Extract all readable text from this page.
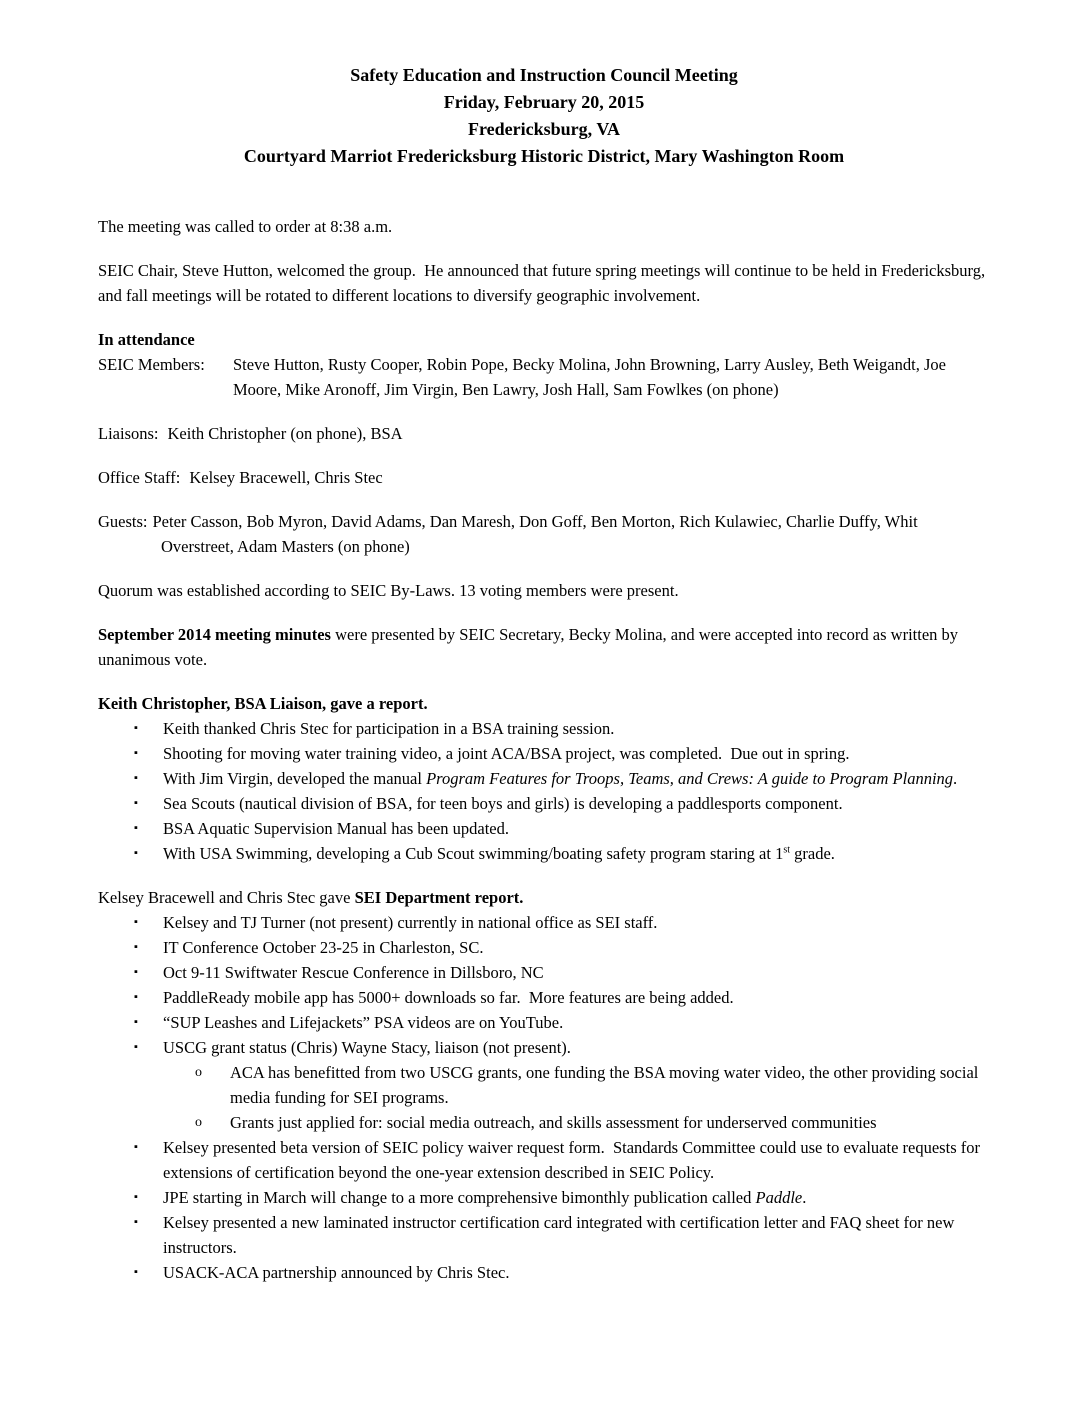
Safety Education and Instruction Council Meeting
Friday, February 20, 2015
Fredericksburg, VA
Courtyard Marriot Fredericksburg Historic District, Mary Washington Room

The meeting was called to order at 8:38 a.m.

SEIC Chair, Steve Hutton, welcomed the group.  He announced that future spring meetings will continue to be held in Fredericksburg, and fall meetings will be rotated to different locations to diversify geographic involvement.

In attendance
SEIC Members:	Steve Hutton, Rusty Cooper, Robin Pope, Becky Molina, John Browning, Larry Ausley, Beth Weigandt, Joe Moore, Mike Aronoff, Jim Virgin, Ben Lawry, Josh Hall, Sam Fowlkes (on phone)

Liaisons: Keith Christopher (on phone), BSA

Office Staff: Kelsey Bracewell, Chris Stec

Guests: Peter Casson, Bob Myron, David Adams, Dan Maresh, Don Goff, Ben Morton, Rich Kulawiec, Charlie Duffy, Whit Overstreet, Adam Masters (on phone)

Quorum was established according to SEIC By-Laws. 13 voting members were present.

September 2014 meeting minutes were presented by SEIC Secretary, Becky Molina, and were accepted into record as written by unanimous vote.

Keith Christopher, BSA Liaison, gave a report.
▪	Keith thanked Chris Stec for participation in a BSA training session.
▪	Shooting for moving water training video, a joint ACA/BSA project, was completed.  Due out in spring.
▪	With Jim Virgin, developed the manual Program Features for Troops, Teams, and Crews: A guide to Program Planning.
▪	Sea Scouts (nautical division of BSA, for teen boys and girls) is developing a paddlesports component.
▪	BSA Aquatic Supervision Manual has been updated.
▪	With USA Swimming, developing a Cub Scout swimming/boating safety program staring at 1st grade.
Kelsey Bracewell and Chris Stec gave SEI Department report.
▪	Kelsey and TJ Turner (not present) currently in national office as SEI staff.
▪	IT Conference October 23-25 in Charleston, SC.
▪	Oct 9-11 Swiftwater Rescue Conference in Dillsboro, NC
▪	PaddleReady mobile app has 5000+ downloads so far.  More features are being added.
▪	“SUP Leashes and Lifejackets” PSA videos are on YouTube.
▪	USCG grant status (Chris) Wayne Stacy, liaison (not present).
o ACA has benefitted from two USCG grants, one funding the BSA moving water video, the other providing social media funding for SEI programs.
o Grants just applied for: social media outreach, and skills assessment for underserved communities
▪	Kelsey presented beta version of SEIC policy waiver request form.  Standards Committee could use to evaluate requests for extensions of certification beyond the one-year extension described in SEIC Policy.
▪	JPE starting in March will change to a more comprehensive bimonthly publication called Paddle.
▪	Kelsey presented a new laminated instructor certification card integrated with certification letter and FAQ sheet for new instructors.
▪	USACK-ACA partnership announced by Chris Stec.
